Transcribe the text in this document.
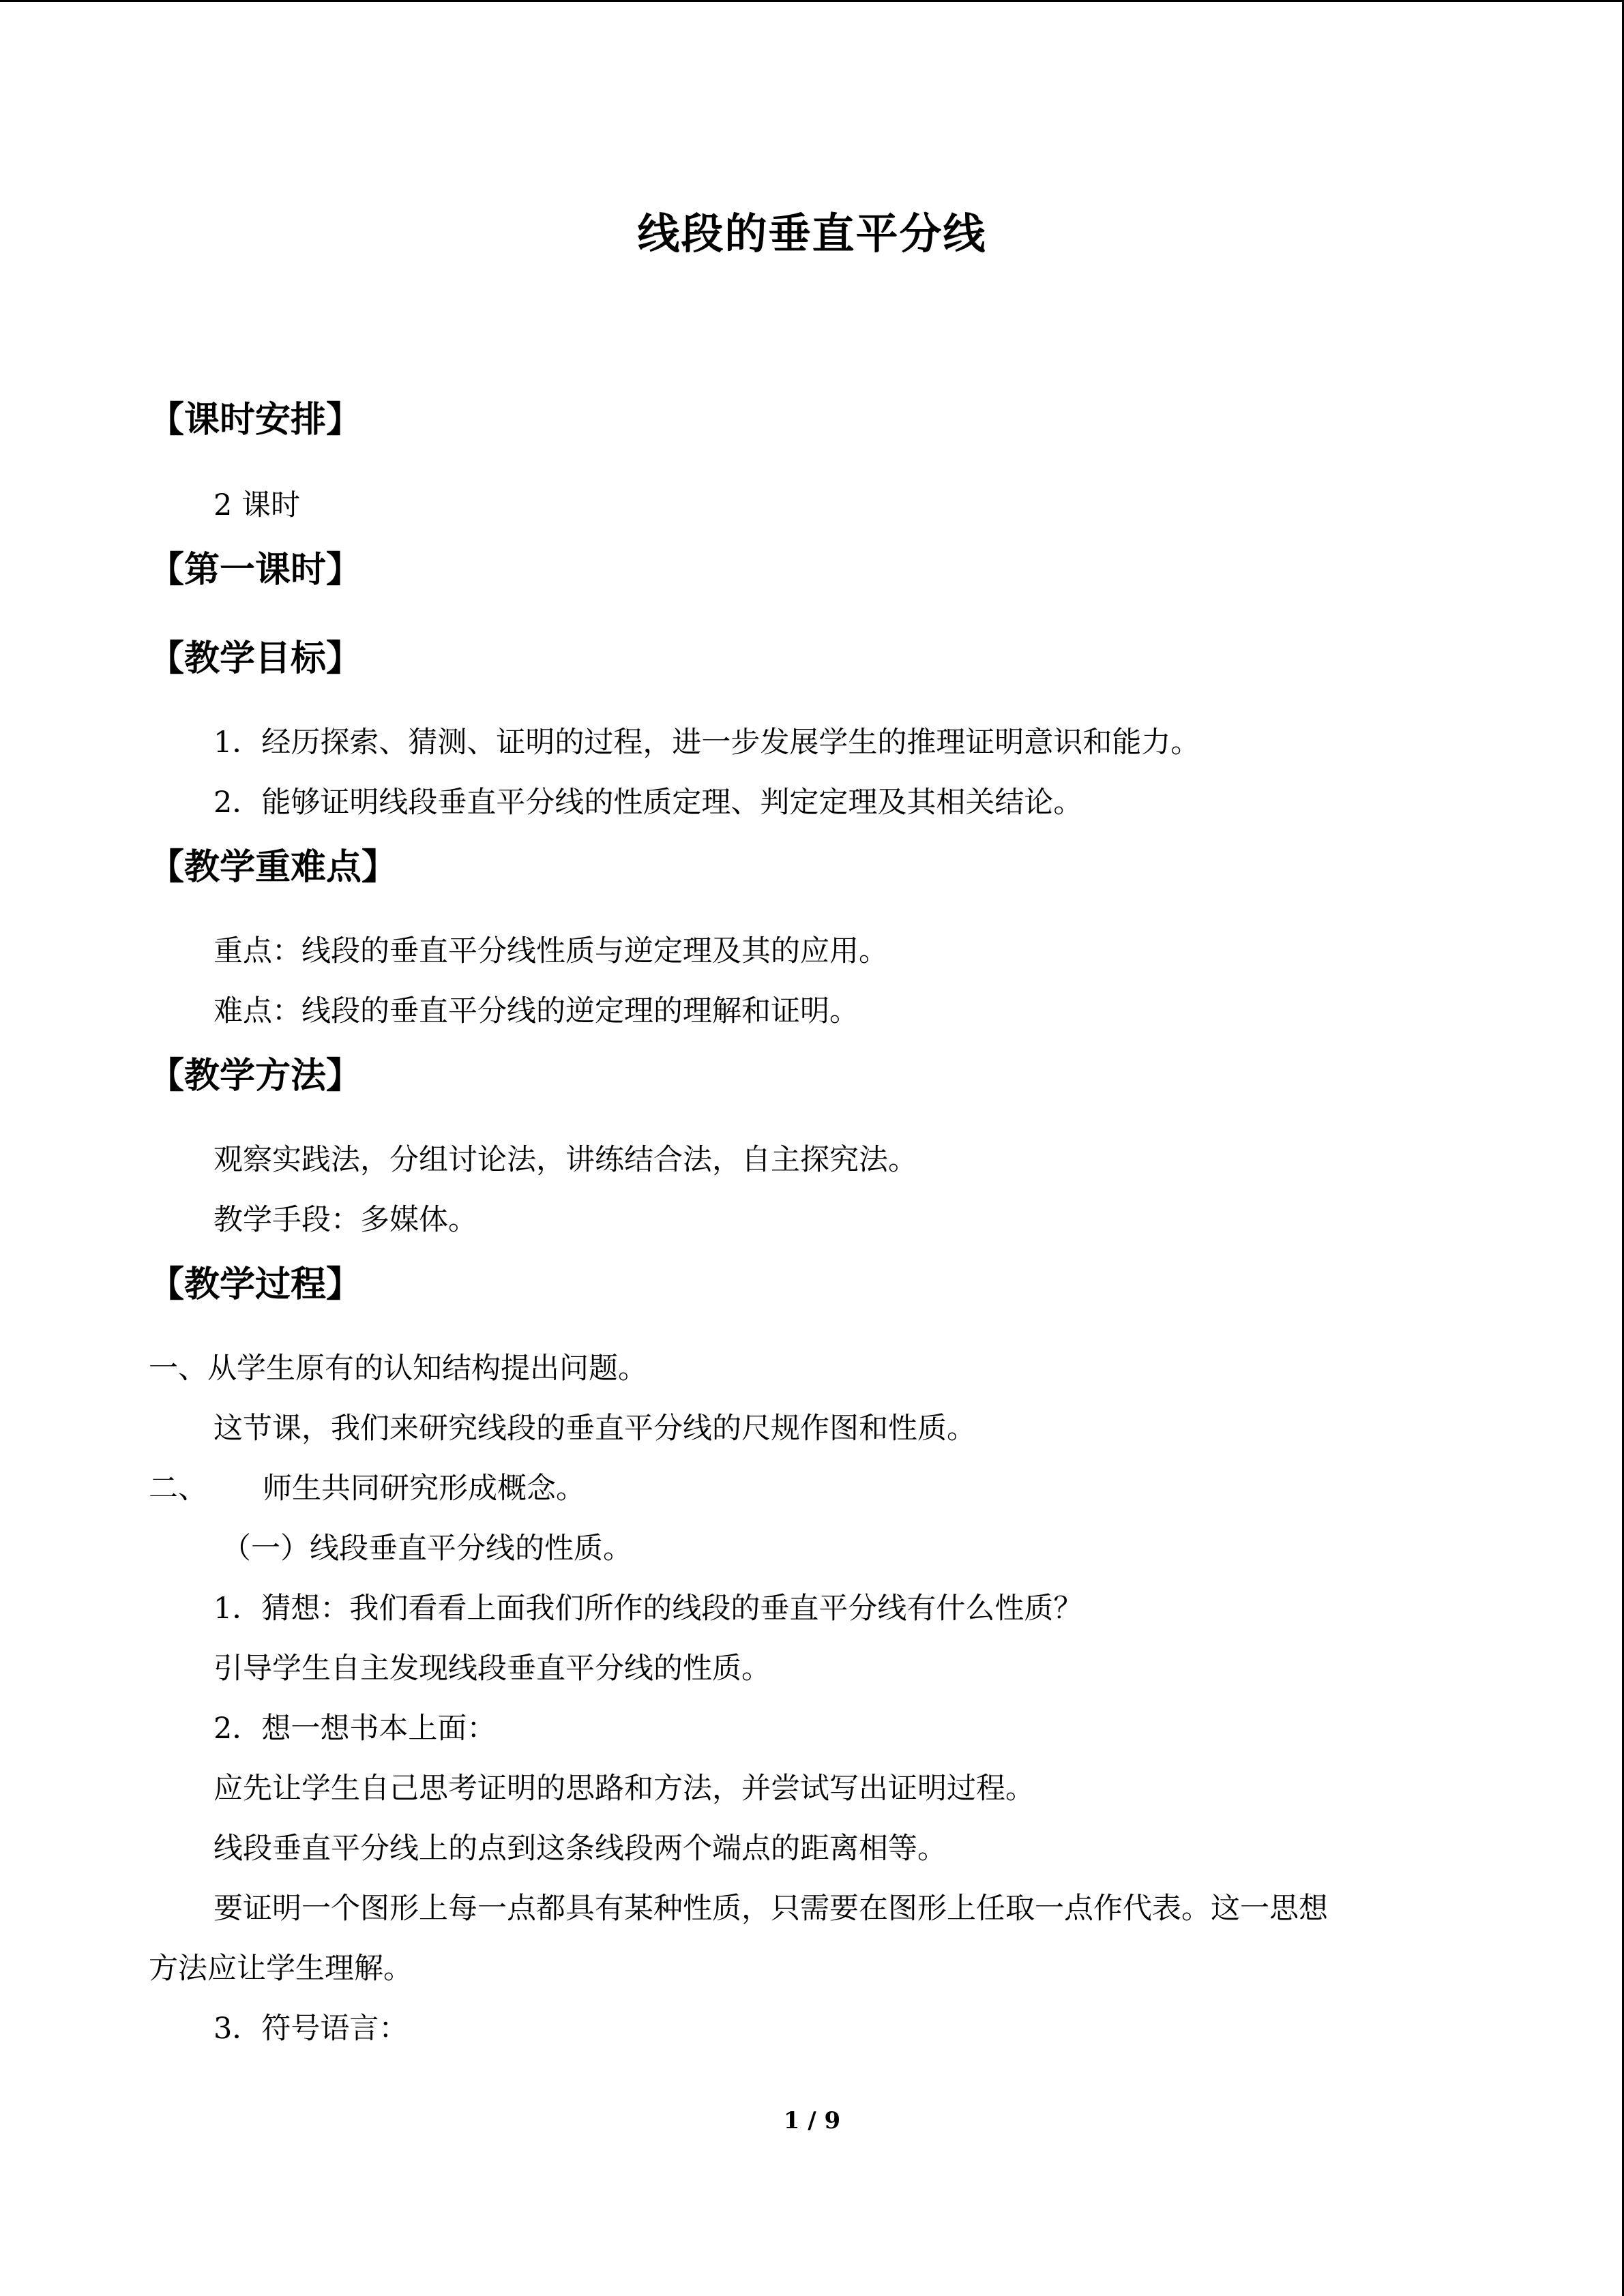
线段的垂直平分线
【课时安排】
2 课时
【第一课时】
【教学目标】
1．经历探索、猜测、证明的过程，进一步发展学生的推理证明意识和能力。
2．能够证明线段垂直平分线的性质定理、判定定理及其相关结论。
【教学重难点】
重点：线段的垂直平分线性质与逆定理及其的应用。
难点：线段的垂直平分线的逆定理的理解和证明。
【教学方法】
观察实践法，分组讨论法，讲练结合法，自主探究法。
教学手段：多媒体。
【教学过程】
一、从学生原有的认知结构提出问题。
这节课，我们来研究线段的垂直平分线的尺规作图和性质。
二、 师生共同研究形成概念。
（一）线段垂直平分线的性质。
1．猜想：我们看看上面我们所作的线段的垂直平分线有什么性质？
引导学生自主发现线段垂直平分线的性质。
2．想一想书本上面：
应先让学生自己思考证明的思路和方法，并尝试写出证明过程。
线段垂直平分线上的点到这条线段两个端点的距离相等。
要证明一个图形上每一点都具有某种性质，只需要在图形上任取一点作代表。这一思想
方法应让学生理解。
3．符号语言：
1 / 9
